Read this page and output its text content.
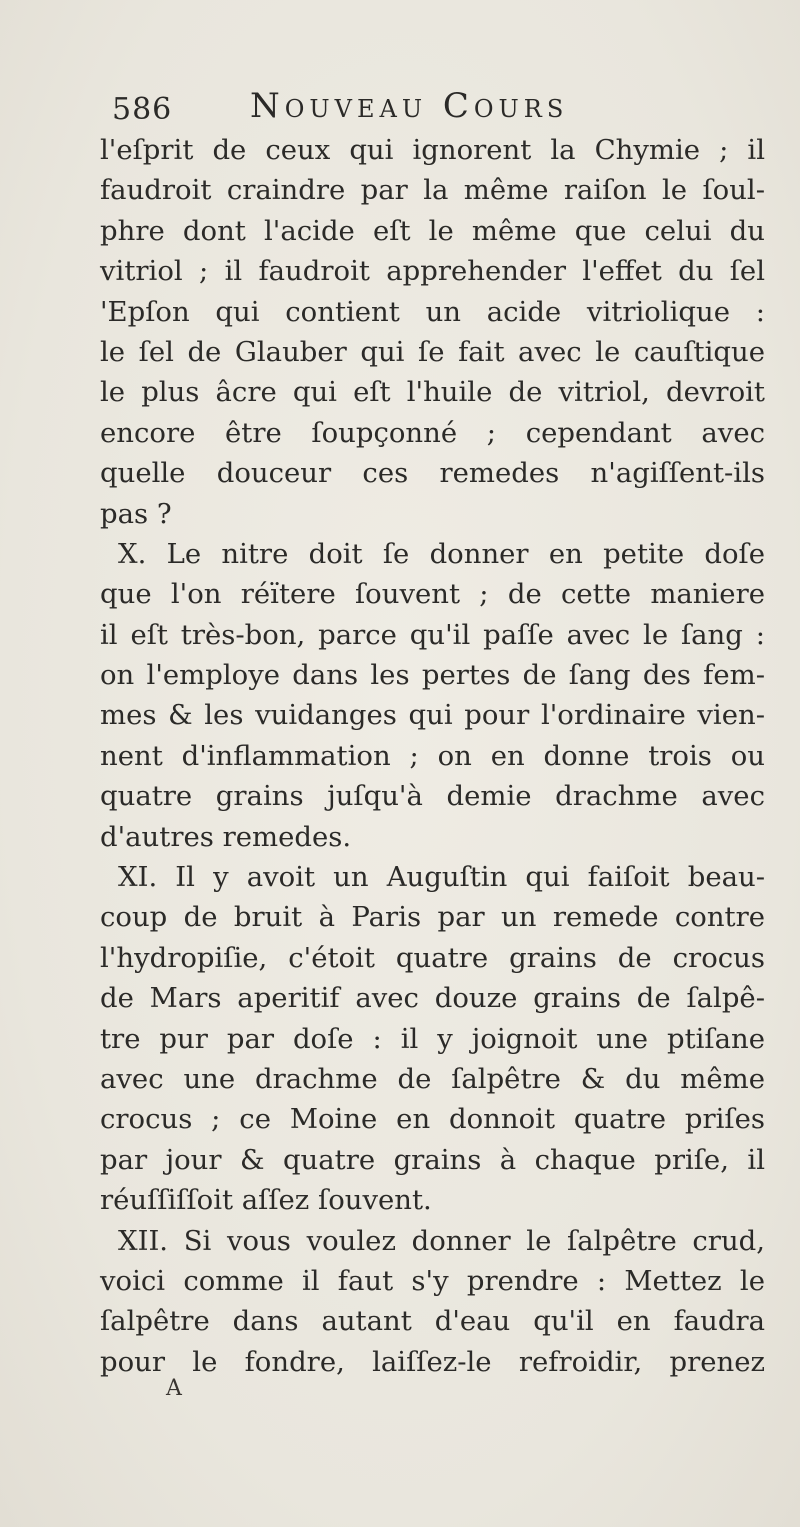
586 Nouveau Cours
l'eſprit de ceux qui ignorent la Chymie ; il
faudroit craindre par la même raiſon le ſoul-
phre dont l'acide eſt le même que celui du
vitriol ; il faudroit apprehender l'effet du ſel
'Epſon qui contient un acide vitriolique :
le ſel de Glauber qui ſe fait avec le cauſtique
le plus âcre qui eſt l'huile de vitriol, devroit
encore être ſoupçonné ; cependant avec
quelle douceur ces remedes n'agiſſent-ils
pas ?
X. Le nitre doit ſe donner en petite doſe
que l'on réïtere ſouvent ; de cette maniere
il eſt très-bon, parce qu'il paſſe avec le ſang :
on l'employe dans les pertes de ſang des fem-
mes & les vuidanges qui pour l'ordinaire vien-
nent d'inflammation ; on en donne trois ou
quatre grains juſqu'à demie drachme avec
d'autres remedes.
XI. Il y avoit un Auguſtin qui faiſoit beau-
coup de bruit à Paris par un remede contre
l'hydropiſie, c'étoit quatre grains de crocus
de Mars aperitif avec douze grains de ſalpê-
tre pur par doſe : il y joignoit une ptiſane
avec une drachme de ſalpêtre & du même
crocus ; ce Moine en donnoit quatre priſes
par jour & quatre grains à chaque priſe, il
réuſſiſſoit aſſez ſouvent.
XII. Si vous voulez donner le ſalpêtre crud,
voici comme il faut s'y prendre : Mettez le
ſalpêtre dans autant d'eau qu'il en faudra
pour le fondre, laiſſez-le refroidir, prenez
A
